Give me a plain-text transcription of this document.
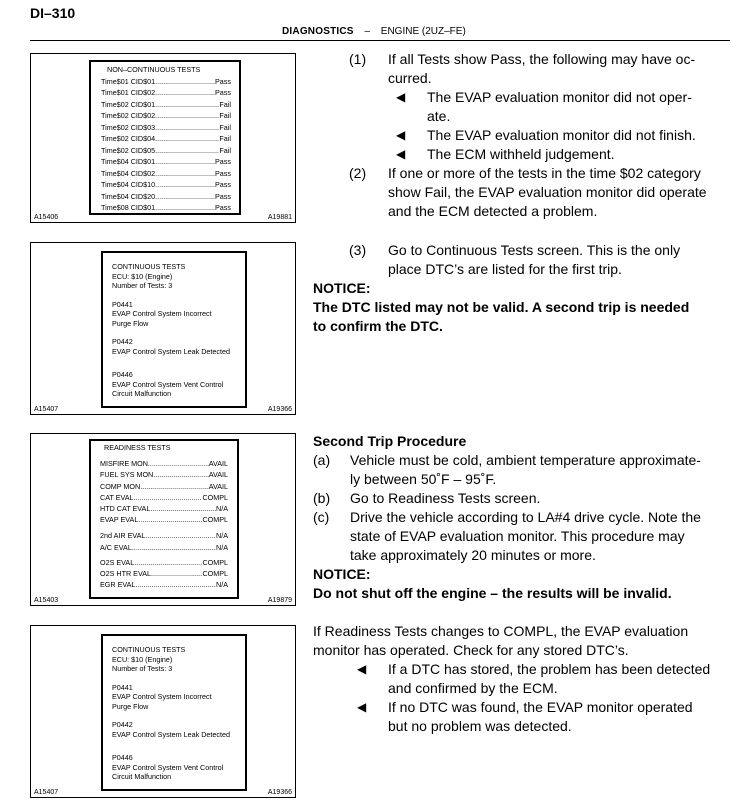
DI–310
DIAGNOSTICS – ENGINE (2UZ–FE)
NON–CONTINUOUS TESTS
Time$01 CID$01 .....	Pass
Time$01 CID$02 .....	Pass
Time$02 CID$01 .....	Fail
Time$02 CID$02 .....	Fail
Time$02 CID$03 .....	Fail
Time$02 CID$04 .....	Fail
Time$02 CID$05 .....	Fail
Time$04 CID$01 .....	Pass
Time$04 CID$02 .....	Pass
Time$04 CID$10 .....	Pass
Time$04 CID$20 .....	Pass
Time$08 CID$01 .....	Pass
A15406	A19881
CONTINUOUS TESTS
ECU: $10 (Engine)
Number of Tests: 3
P0441
EVAP Control System Incorrect
Purge Flow
P0442
EVAP Control System Leak Detected
P0446
EVAP Control System Vent Control
Circuit Malfunction
A15407	A19366
READINESS TESTS
MISFIRE MON .....	AVAIL
FUEL SYS MON .....	AVAIL
COMP MON .....	AVAIL
CAT EVAL .....	COMPL
HTD CAT EVAL .....	N/A
EVAP EVAL .....	COMPL
2nd AIR EVAL .....	N/A
A/C EVAL .....	N/A
O2S EVAL .....	COMPL
O2S HTR EVAL .....	COMPL
EGR EVAL .....	N/A
A15403	A19879
CONTINUOUS TESTS
ECU: $10 (Engine)
Number of Tests: 3
P0441
EVAP Control System Incorrect
Purge Flow
P0442
EVAP Control System Leak Detected
P0446
EVAP Control System Vent Control
Circuit Malfunction
A15407	A19366
(1) If all Tests show Pass, the following may have oc-
curred.
◀ The EVAP evaluation monitor did not oper-
ate.
◀ The EVAP evaluation monitor did not finish.
◀ The ECM withheld judgement.
(2) If one or more of the tests in the time $02 category
show Fail, the EVAP evaluation monitor did operate
and the ECM detected a problem.
(3) Go to Continuous Tests screen. This is the only
place DTC’s are listed for the first trip.
NOTICE:
The DTC listed may not be valid. A second trip is needed
to confirm the DTC.
Second Trip Procedure
(a) Vehicle must be cold, ambient temperature approximate-
ly between 50˚F – 95˚F.
(b) Go to Readiness Tests screen.
(c) Drive the vehicle according to LA#4 drive cycle. Note the
state of EVAP evaluation monitor. This procedure may
take approximately 20 minutes or more.
NOTICE:
Do not shut off the engine – the results will be invalid.
If Readiness Tests changes to COMPL, the EVAP evaluation
monitor has operated. Check for any stored DTC’s.
◀ If a DTC has stored, the problem has been detected
and confirmed by the ECM.
◀ If no DTC was found, the EVAP monitor operated
but no problem was detected.
